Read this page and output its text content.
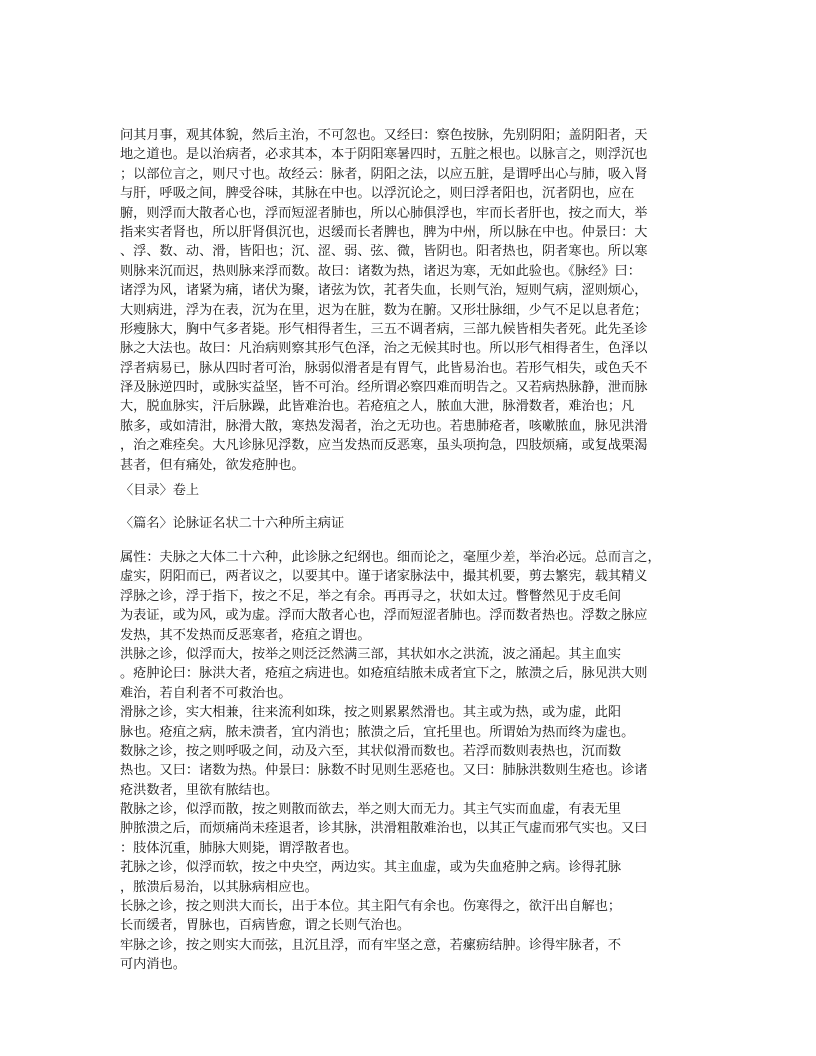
问其月事，观其体貌，然后主治，不可忽也。又经曰：察色按脉，先别阴阳；盖阴阳者，天
地之道也。是以治病者，必求其本，本于阴阳寒暑四时，五脏之根也。以脉言之，则浮沉也
；以部位言之，则尺寸也。故经云：脉者，阴阳之法，以应五脏，是谓呼出心与肺，吸入肾
与肝，呼吸之间，脾受谷味，其脉在中也。以浮沉论之，则曰浮者阳也，沉者阴也，应在
腑，则浮而大散者心也，浮而短涩者肺也，所以心肺俱浮也，牢而长者肝也，按之而大，举
指来实者肾也，所以肝肾俱沉也，迟缓而长者脾也，脾为中州，所以脉在中也。仲景曰：大
、浮、数、动、滑，皆阳也；沉、涩、弱、弦、微，皆阴也。阳者热也，阴者寒也。所以寒
则脉来沉而迟，热则脉来浮而数。故曰：诸数为热，诸迟为寒，无如此验也。《脉经》曰：
诸浮为风，诸紧为痛，诸伏为聚，诸弦为饮，芤者失血，长则气治，短则气病，涩则烦心，
大则病进，浮为在表，沉为在里，迟为在脏，数为在腑。又形壮脉细，少气不足以息者危；
形瘦脉大，胸中气多者毙。形气相得者生，三五不调者病，三部九候皆相失者死。此先圣诊
脉之大法也。故曰：凡治病则察其形气色泽，治之无候其时也。所以形气相得者生，色泽以
浮者病易已，脉从四时者可治，脉弱似滑者是有胃气，此皆易治也。若形气相失，或色夭不
泽及脉逆四时，或脉实益坚，皆不可治。经所谓必察四难而明告之。又若病热脉静，泄而脉
大，脱血脉实，汗后脉躁，此皆难治也。若疮疽之人，脓血大泄，脉滑数者，难治也；凡
脓多，或如清泔，脉滑大散，寒热发渴者，治之无功也。若患肺疮者，咳嗽脓血，脉见洪滑
，治之难痊矣。大凡诊脉见浮数，应当发热而反恶寒，虽头项拘急，四肢烦痛，或复战栗渴
甚者，但有痛处，欲发疮肿也。
〈目录〉卷上
〈篇名〉论脉证名状二十六种所主病证
属性：夫脉之大体二十六种，此诊脉之纪纲也。细而论之，毫厘少差，举治必远。总而言之，
虚实，阴阳而已，两者议之，以要其中。谨于诸家脉法中，撮其机要，剪去繁宪，载其精义
浮脉之诊，浮于指下，按之不足，举之有余。再再寻之，状如太过。瞥瞥然见于皮毛间
为表证，或为风，或为虚。浮而大散者心也，浮而短涩者肺也。浮而数者热也。浮数之脉应
发热，其不发热而反恶寒者，疮疽之谓也。
洪脉之诊，似浮而大，按举之则泛泛然满三部，其状如水之洪流，波之涌起。其主血实
。疮肿论曰：脉洪大者，疮疽之病进也。如疮疽结脓未成者宜下之，脓溃之后，脉见洪大则
难治，若自利者不可救治也。
滑脉之诊，实大相兼，往来流利如珠，按之则累累然滑也。其主或为热，或为虚，此阳
脉也。疮疽之病，脓未溃者，宜内消也；脓溃之后，宜托里也。所谓始为热而终为虚也。
数脉之诊，按之则呼吸之间，动及六至，其状似滑而数也。若浮而数则表热也，沉而数
热也。又曰：诸数为热。仲景曰：脉数不时见则生恶疮也。又曰：肺脉洪数则生疮也。诊诸
疮洪数者，里欲有脓结也。
散脉之诊，似浮而散，按之则散而欲去，举之则大而无力。其主气实而血虚，有表无里
肿脓溃之后，而烦痛尚未痊退者，诊其脉，洪滑粗散难治也，以其正气虚而邪气实也。又曰
：肢体沉重，肺脉大则毙，谓浮散者也。
芤脉之诊，似浮而软，按之中央空，两边实。其主血虚，或为失血疮肿之病。诊得芤脉
，脓溃后易治，以其脉病相应也。
长脉之诊，按之则洪大而长，出于本位。其主阳气有余也。伤寒得之，欲汗出自解也；
长而缓者，胃脉也，百病皆愈，谓之长则气治也。
牢脉之诊，按之则实大而弦，且沉且浮，而有牢坚之意，若瘰疬结肿。诊得牢脉者，不
可内消也。
